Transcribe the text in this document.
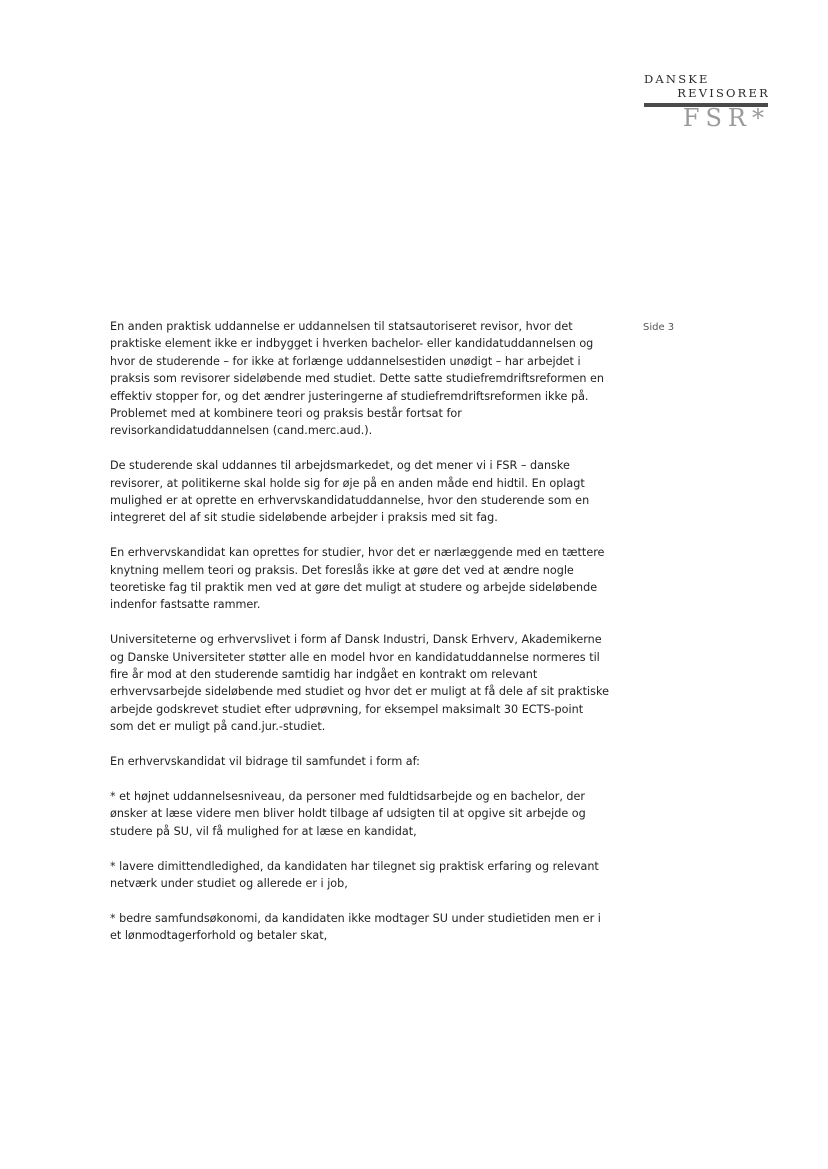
DANSKE
REVISORER
FSR*
Side 3

En anden praktisk uddannelse er uddannelsen til statsautoriseret revisor, hvor det praktiske element ikke er indbygget i hverken bachelor- eller kandidatuddannelsen og hvor de studerende – for ikke at forlænge uddannelsestiden unødigt – har arbejdet i praksis som revisorer sideløbende med studiet. Dette satte studiefremdriftsreformen en effektiv stopper for, og det ændrer justeringerne af studiefremdriftsreformen ikke på. Problemet med at kombinere teori og praksis består fortsat for revisorkandidatuddannelsen (cand.merc.aud.).

De studerende skal uddannes til arbejdsmarkedet, og det mener vi i FSR – danske revisorer, at politikerne skal holde sig for øje på en anden måde end hidtil. En oplagt mulighed er at oprette en erhvervskandidatuddannelse, hvor den studerende som en integreret del af sit studie sideløbende arbejder i praksis med sit fag.

En erhvervskandidat kan oprettes for studier, hvor det er nærlæggende med en tættere knytning mellem teori og praksis. Det foreslås ikke at gøre det ved at ændre nogle teoretiske fag til praktik men ved at gøre det muligt at studere og arbejde sideløbende indenfor fastsatte rammer.

Universiteterne og erhvervslivet i form af Dansk Industri, Dansk Erhverv, Akademikerne og Danske Universiteter støtter alle en model hvor en kandidatuddannelse normeres til fire år mod at den studerende samtidig har indgået en kontrakt om relevant erhvervsarbejde sideløbende med studiet og hvor det er muligt at få dele af sit praktiske arbejde godskrevet studiet efter udprøvning, for eksempel maksimalt 30 ECTS-point som det er muligt på cand.jur.-studiet.

En erhvervskandidat vil bidrage til samfundet i form af:

* et højnet uddannelsesniveau, da personer med fuldtidsarbejde og en bachelor, der ønsker at læse videre men bliver holdt tilbage af udsigten til at opgive sit arbejde og studere på SU, vil få mulighed for at læse en kandidat,

* lavere dimittendledighed, da kandidaten har tilegnet sig praktisk erfaring og relevant netværk under studiet og allerede er i job,

* bedre samfundsøkonomi, da kandidaten ikke modtager SU under studietiden men er i et lønmodtagerforhold og betaler skat,
